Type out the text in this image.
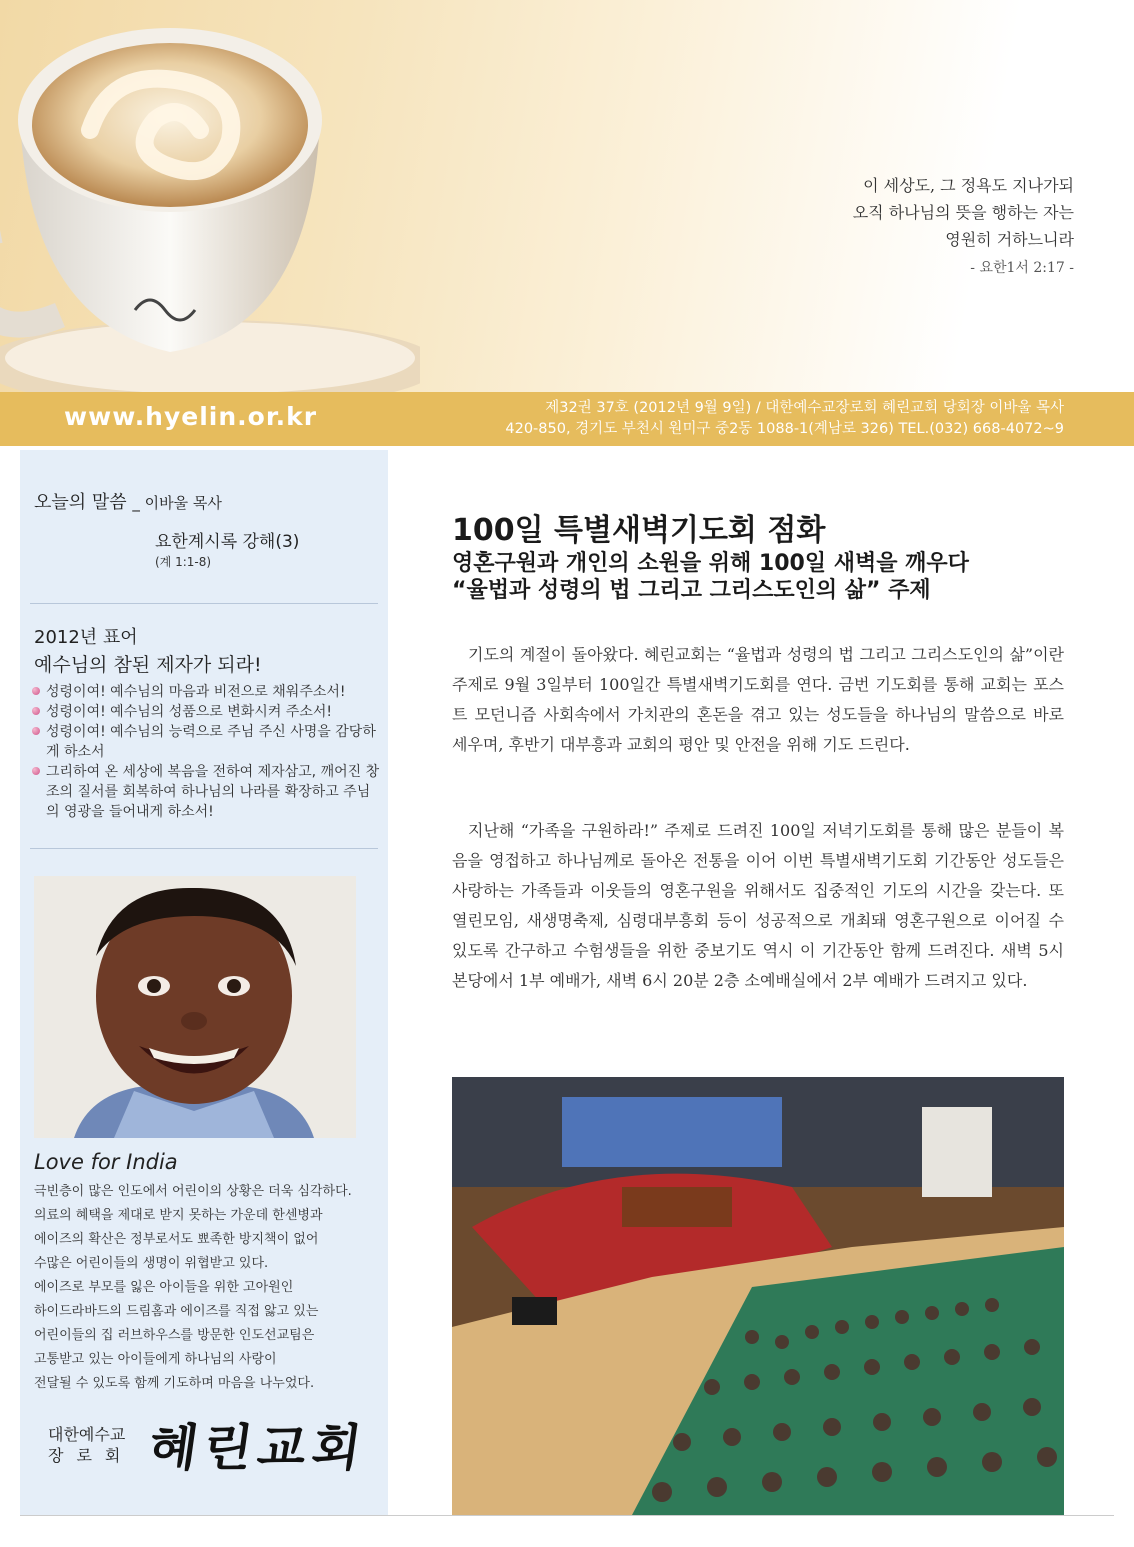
이 세상도, 그 정욕도 지나가되
오직 하나님의 뜻을 행하는 자는
영원히 거하느니라
- 요한1서 2:17 -
www.hyelin.or.kr	제32권 37호 (2012년 9월 9일) / 대한예수교장로회 혜린교회 당회장 이바울 목사
420-850, 경기도 부천시 원미구 중2동 1088-1(계남로 326) TEL.(032) 668-4072~9
오늘의 말씀 _ 이바울 목사
요한계시록 강해(3)
(계 1:1-8)
2012년 표어
예수님의 참된 제자가 되라!
성령이여! 예수님의 마음과 비전으로 채워주소서!
성령이여! 예수님의 성품으로 변화시켜 주소서!
성령이여! 예수님의 능력으로 주님 주신 사명을 감당하게 하소서
그리하여 온 세상에 복음을 전하여 제자삼고, 깨어진 창조의 질서를 회복하여 하나님의 나라를 확장하고 주님의 영광을 들어내게 하소서!
Love for India
극빈층이 많은 인도에서 어린이의 상황은 더욱 심각하다.
의료의 혜택을 제대로 받지 못하는 가운데 한센병과
에이즈의 확산은 정부로서도 뾰족한 방지책이 없어
수많은 어린이들의 생명이 위협받고 있다.
에이즈로 부모를 잃은 아이들을 위한 고아원인
하이드라바드의 드림홈과 에이즈를 직접 앓고 있는
어린이들의 집 러브하우스를 방문한 인도선교팀은
고통받고 있는 아이들에게 하나님의 사랑이
전달될 수 있도록 함께 기도하며 마음을 나누었다.
대한예수교
장로회 혜린교회
100일 특별새벽기도회 점화
영혼구원과 개인의 소원을 위해 100일 새벽을 깨우다
“율법과 성령의 법 그리고 그리스도인의 삶” 주제

기도의 계절이 돌아왔다. 혜린교회는 “율법과 성령의 법 그리고 그리스도인의 삶”이란 주제로 9월 3일부터 100일간 특별새벽기도회를 연다. 금번 기도회를 통해 교회는 포스트 모던니즘 사회속에서 가치관의 혼돈을 겪고 있는 성도들을 하나님의 말씀으로 바로 세우며, 후반기 대부흥과 교회의 평안 및 안전을 위해 기도 드린다.

지난해 “가족을 구원하라!” 주제로 드려진 100일 저녁기도회를 통해 많은 분들이 복음을 영접하고 하나님께로 돌아온 전통을 이어 이번 특별새벽기도회 기간동안 성도들은 사랑하는 가족들과 이웃들의 영혼구원을 위해서도 집중적인 기도의 시간을 갖는다. 또 열린모임, 새생명축제, 심령대부흥회 등이 성공적으로 개최돼 영혼구원으로 이어질 수 있도록 간구하고 수험생들을 위한 중보기도 역시 이 기간동안 함께 드려진다. 새벽 5시 본당에서 1부 예배가, 새벽 6시 20분 2층 소예배실에서 2부 예배가 드려지고 있다.
